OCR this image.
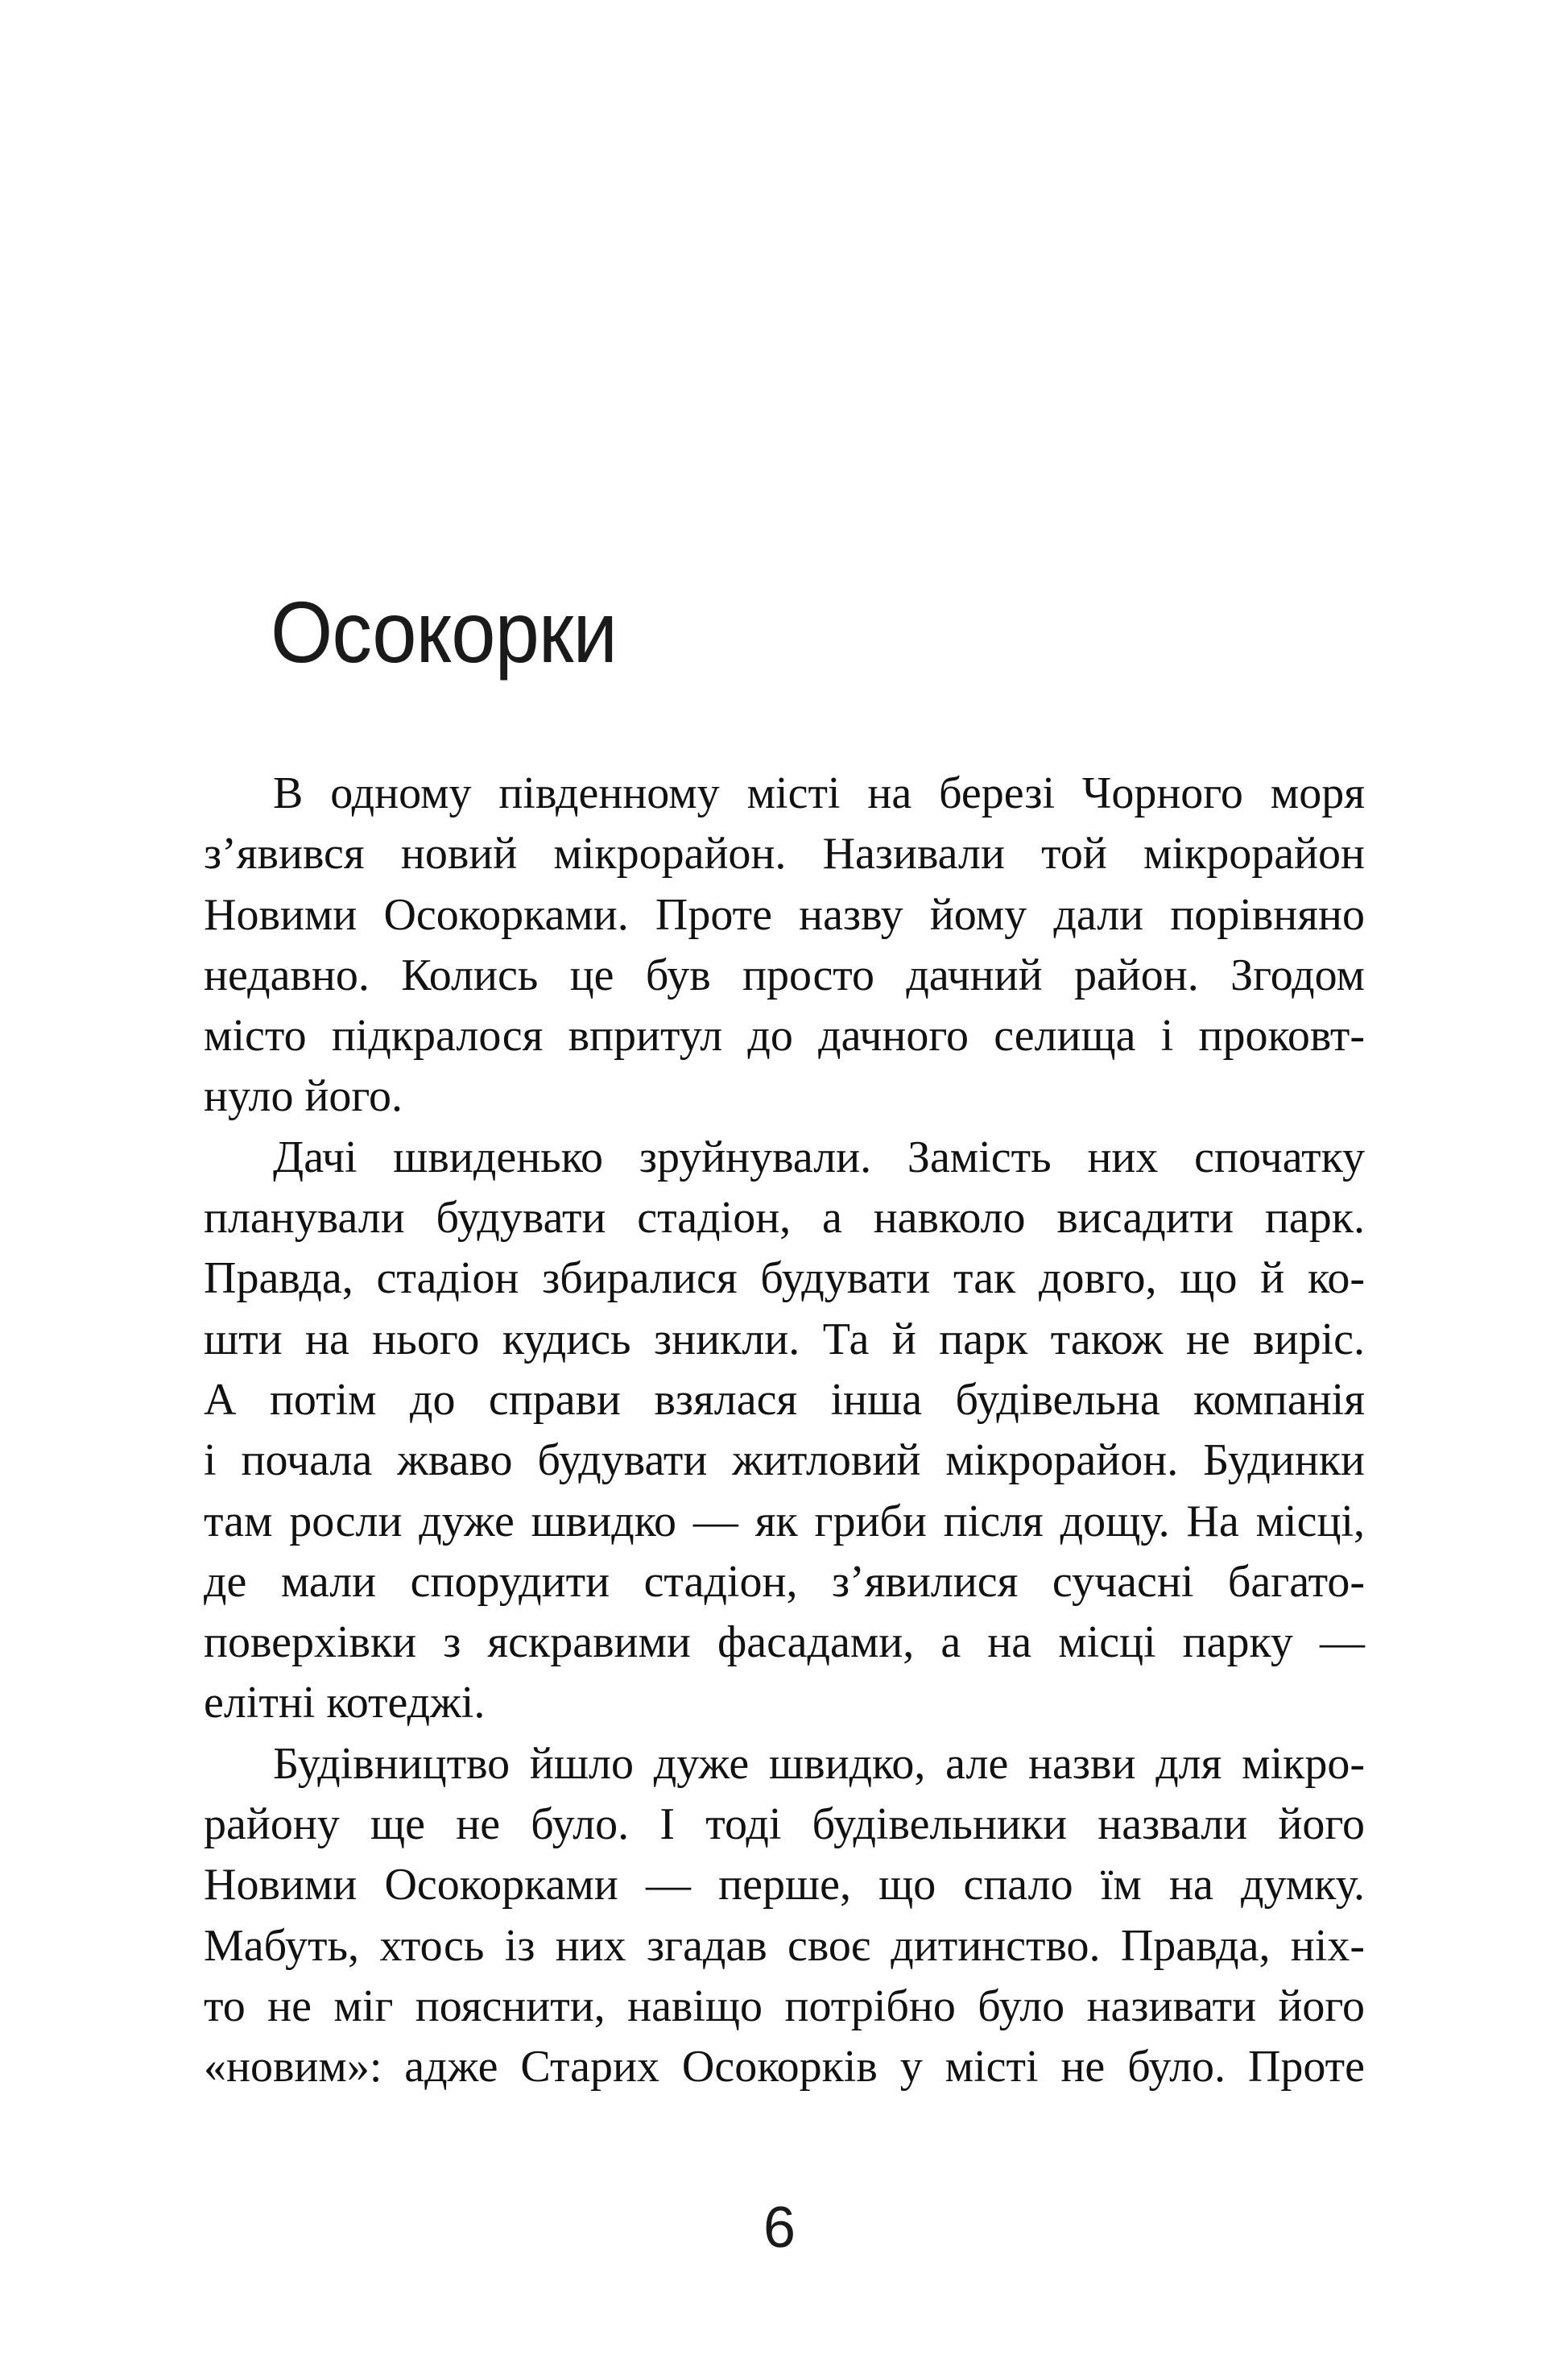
Осокорки
В одному південному місті на березі Чорного моря
з’явився новий мікрорайон. Називали той мікрорайон
Новими Осокорками. Проте назву йому дали порівняно
недавно. Колись це був просто дачний район. Згодом
місто підкралося впритул до дачного селища і проковт-
нуло його.
Дачі швиденько зруйнували. Замість них спочатку
планували будувати стадіон, а навколо висадити парк.
Правда, стадіон збиралися будувати так довго, що й ко-
шти на нього кудись зникли. Та й парк також не виріс.
А потім до справи взялася інша будівельна компанія
і почала жваво будувати житловий мікрорайон. Будинки
там росли дуже швидко — як гриби після дощу. На місці,
де мали спорудити стадіон, з’явилися сучасні багато-
поверхівки з яскравими фасадами, а на місці парку —
елітні котеджі.
Будівництво йшло дуже швидко, але назви для мікро-
району ще не було. І тоді будівельники назвали його
Новими Осокорками — перше, що спало їм на думку.
Мабуть, хтось із них згадав своє дитинство. Правда, ніх-
то не міг пояснити, навіщо потрібно було називати його
«новим»: адже Старих Осокорків у місті не було. Проте
6
